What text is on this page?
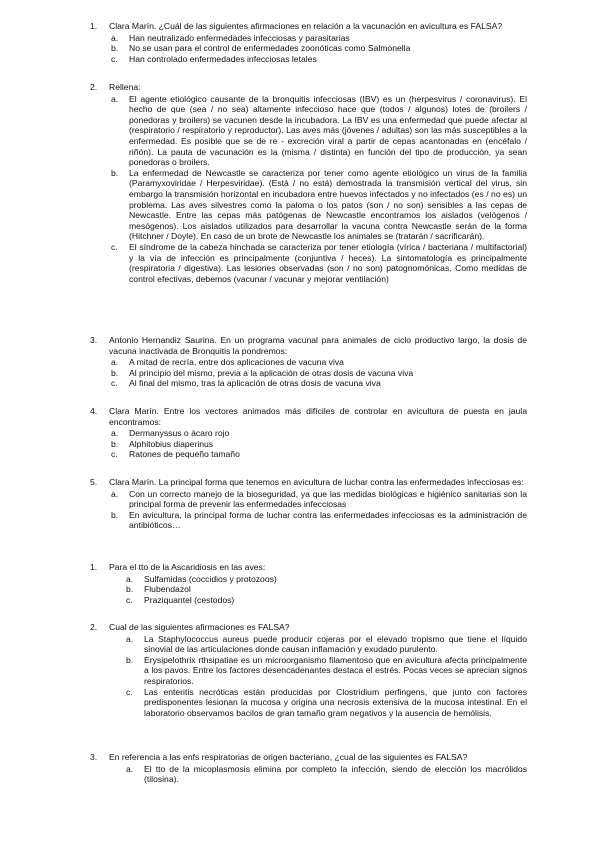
1.	Clara Marín. ¿Cuál de las siguientes afirmaciones en relación a la vacunación en avicultura es FALSA?
a.	Han neutralizado enfermedades infecciosas y parasitarias
b.	No se usan para el control de enfermedades zoonóticas como Salmonella
c.	Han controlado enfermedades infecciosas letales
2.	Rellena:
a.	El agente etiológico causante de la bronquitis infecciosas (IBV) es un (herpesvirus / coronavirus). El hecho de que (sea / no sea) altamente infeccioso hace que (todos / algunos) lotes de (broilers / ponedoras y broilers) se vacunen desde la incubadora. La IBV es una enfermedad que puede afectar al (respiratorio / respiratorio y reproductor). Las aves más (jóvenes / adultas) son las más susceptibles a la enfermedad. Es posible que se de re - excreción viral a partir de cepas acantonadas en (encéfalo / riñón). La pauta de vacunación es la (misma / distinta) en función del tipo de producción, ya sean ponedoras o broilers.
b.	La enfermedad de Newcastle se caracteriza por tener como agente etiológico un virus de la familia (Paramyxoviridae / Herpesviridae). (Está / no está) demostrada la transmisión vertical del virus, sin embargo la transmisión horizontal en incubadora entre huevos infectados y no infectados (es / no es) un problema. Las aves silvestres como la paloma o los patos (son / no son) sensibles a las cepas de Newcastle. Entre las cepas más patógenas de Newcastle encontramos los aislados (velógenos / mesógenos). Los aislados utilizados para desarrollar la vacuna contra Newcastle serán de la forma (Hitchner / Doyle). En caso de un brote de Newcastle los animales se (tratarán / sacrificarán).
c.	El síndrome de la cabeza hinchada se caracteriza por tener etiología (vírica / bacteriana / multifactorial) y la vía de infección es principalmente (conjuntiva / heces). La sintomatología es principalmente (respiratoria / digestiva). Las lesiones observadas (son / no son) patognomónicas. Como medidas de control efectivas, debemos (vacunar / vacunar y mejorar ventilación)
3.	Antonio Hernandiz Saurina. En un programa vacunal para animales de ciclo productivo largo, la dosis de vacuna inactivada de Bronquitis la pondremos:
a.	A mitad de recría, entre dos aplicaciones de vacuna viva
b.	Al principio del mismo, previa a la aplicación de otras dosis de vacuna viva
c.	Al final del mismo, tras la aplicación de otras dosis de vacuna viva
4.	Clara Marín. Entre los vectores animados más difíciles de controlar en avicultura de puesta en jaula encontramos:
a.	Dermanyssus o ácaro rojo
b.	Alphitobius diaperinus
c.	Ratones de pequeño tamaño
5.	Clara Marín. La principal forma que tenemos en avicultura de luchar contra las enfermedades infecciosas es:
a.	Con un correcto manejo de la bioseguridad, ya que las medidas biológicas e higiénico sanitarias son la principal forma de prevenir las enfermedades infecciosas
b.	En avicultura, la principal forma de luchar contra las enfermedades infecciosas es la administración de antibióticos…
1.	Para el tto de la Ascaridiosis en las aves:
a.	Sulfamidas (coccidios y protozoos)
b.	Flubendazol
c.	Praziquantel (cestodos)
2.	Cual de las siguientes afirmaciones es FALSA?
a.	La Staphylococcus aureus puede producir cojeras por el elevado tropismo que tiene el líquido sinovial de las articulaciones donde causan inflamación y exudado purulento.
b.	Erysipelothrix rthsipatiae es un microorganismo filamentoso que en avicultura afecta principalmente a los pavos. Entre los factores desencadenantes destaca el estrés. Pocas veces se aprecian signos respiratorios.
c.	Las enteritis necróticas están producidas por Clostridium perfingens, que junto con factores predisponentes lesionan la mucosa y origina una necrosis extensiva de la mucosa intestinal. En el laboratorio observamos bacilos de gran tamaño gram negativos y la ausencia de hemólisis.
3.	En referencia a las enfs respiratorias de origen bacteriano, ¿cual de las siguientes es FALSA?
a.	El tto de la micoplasmosis elimina por completo la infección, siendo de elección los macrólidos (tilosina).
